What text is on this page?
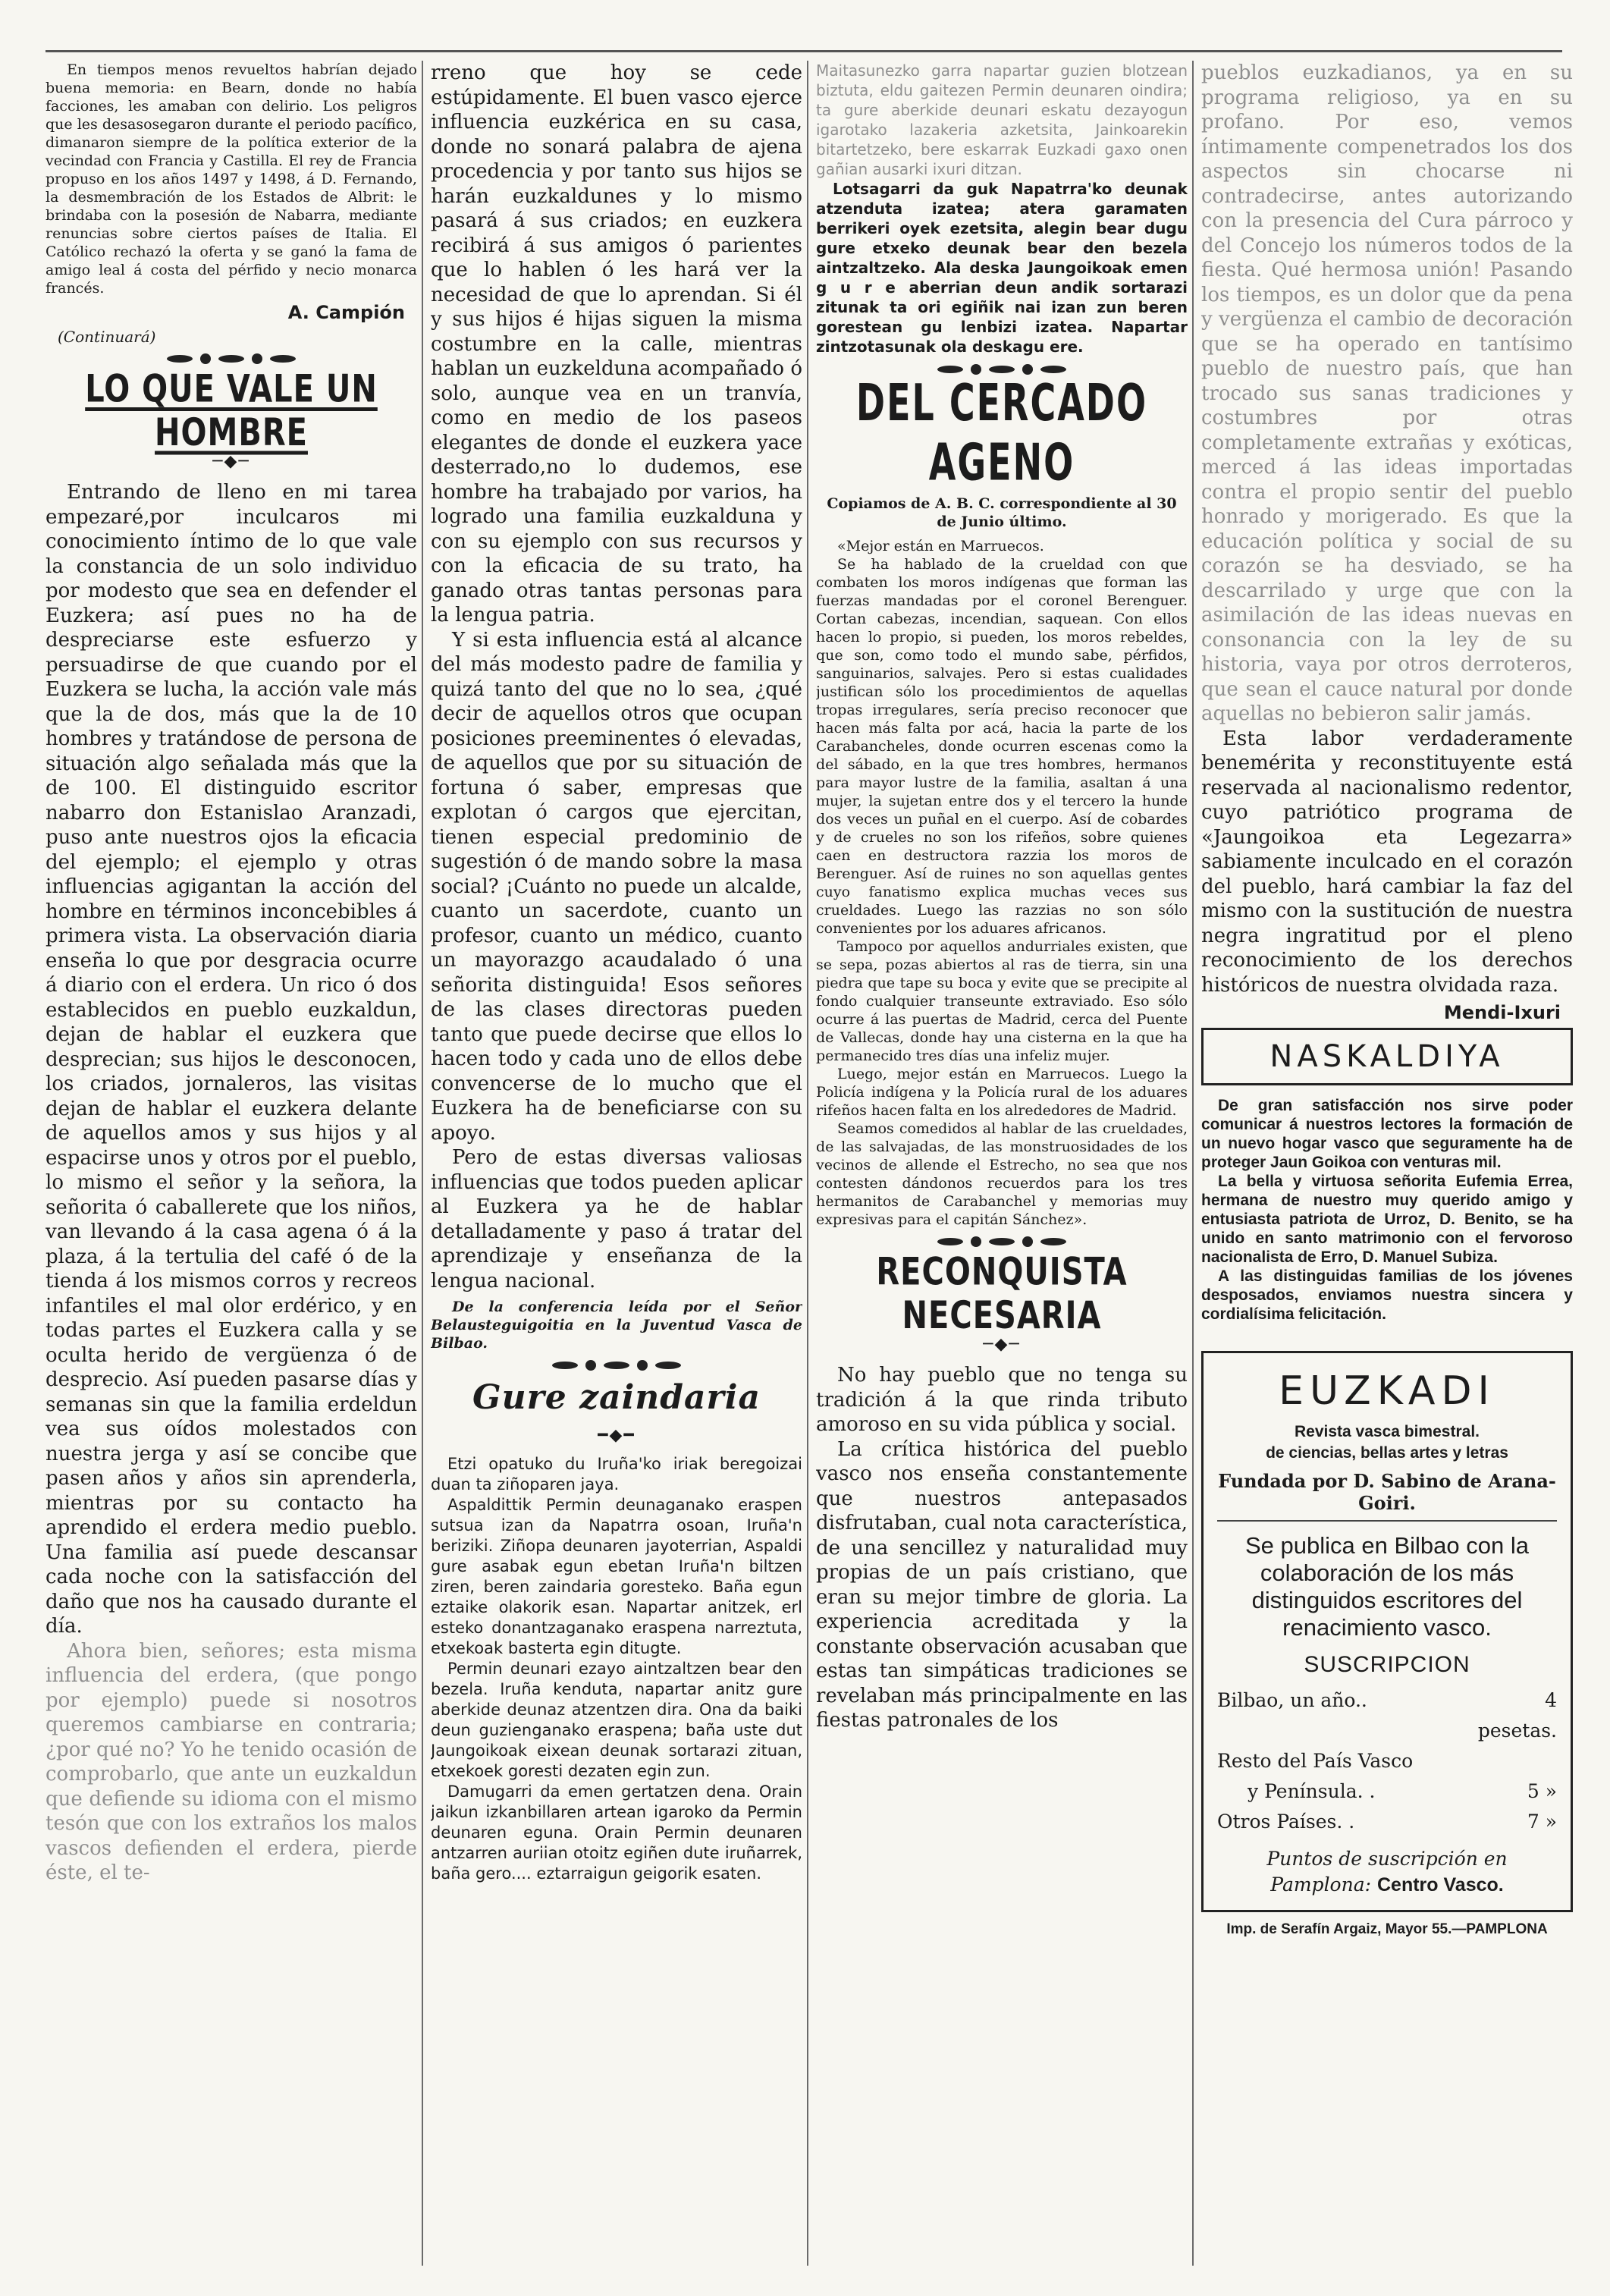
En tiempos menos revueltos habrían dejado buena memoria: en Bearn, donde no había facciones, les amaban con delirio. Los peligros que les desasosegaron durante el periodo pacífico, dimanaron siempre de la política exterior de la vecindad con Francia y Castilla. El rey de Francia propuso en los años 1497 y 1498, á D. Fernando, la desmembración de los Estados de Albrit: le brindaba con la posesión de Nabarra, mediante renuncias sobre ciertos países de Italia. El Católico rechazó la oferta y se ganó la fama de amigo leal á costa del pérfido y necio monarca francés.

A. Campión
(Continuará)
LO QUE VALE UN HOMBRE
─◆─

Entrando de lleno en mi tarea empezaré,por inculcaros mi conocimiento íntimo de lo que vale la constancia de un solo individuo por modesto que sea en defender el Euzkera; así pues no ha de despreciarse este esfuerzo y persuadirse de que cuando por el Euzkera se lucha, la acción vale más que la de dos, más que la de 10 hombres y tratándose de persona de situación algo señalada más que la de 100. El distinguido escritor nabarro don Estanislao Aranzadi, puso ante nuestros ojos la eficacia del ejemplo; el ejemplo y otras influencias agigantan la acción del hombre en términos inconcebibles á primera vista. La observación diaria enseña lo que por desgracia ocurre á diario con el erdera. Un rico ó dos establecidos en pueblo euzkaldun, dejan de hablar el euzkera que desprecian; sus hijos le desconocen, los criados, jornaleros, las visitas dejan de hablar el euzkera delante de aquellos amos y sus hijos y al espacirse unos y otros por el pueblo, lo mismo el señor y la señora, la señorita ó caballerete que los niños, van llevando á la casa agena ó á la plaza, á la tertulia del café ó de la tienda á los mismos corros y recreos infantiles el mal olor erdérico, y en todas partes el Euzkera calla y se oculta herido de vergüenza ó de desprecio. Así pueden pasarse días y semanas sin que la familia erdeldun vea sus oídos molestados con nuestra jerga y así se concibe que pasen años y años sin aprenderla, mientras por su contacto ha aprendido el erdera medio pueblo. Una familia así puede descansar cada noche con la satisfacción del daño que nos ha causado durante el día.

Ahora bien, señores; esta misma influencia del erdera, (que pongo por ejemplo) puede si nosotros queremos cambiarse en contraria; ¿por qué no? Yo he tenido ocasión de comprobarlo, que ante un euzkaldun que defiende su idioma con el mismo tesón que con los extraños los malos vascos defienden el erdera, pierde éste, el te-

rreno que hoy se cede estúpidamente. El buen vasco ejerce influencia euzkérica en su casa, donde no sonará palabra de ajena procedencia y por tanto sus hijos se harán euzkaldunes y lo mismo pasará á sus criados; en euzkera recibirá á sus amigos ó parientes que lo hablen ó les hará ver la necesidad de que lo aprendan. Si él y sus hijos é hijas siguen la misma costumbre en la calle, mientras hablan un euzkelduna acompañado ó solo, aunque vea en un tranvía, como en medio de los paseos elegantes de donde el euzkera yace desterrado,no lo dudemos, ese hombre ha trabajado por varios, ha logrado una familia euzkalduna y con su ejemplo con sus recursos y con la eficacia de su trato, ha ganado otras tantas personas para la lengua patria.

Y si esta influencia está al alcance del más modesto padre de familia y quizá tanto del que no lo sea, ¿qué decir de aquellos otros que ocupan posiciones preeminentes ó elevadas, de aquellos que por su situación de fortuna ó saber, empresas que explotan ó cargos que ejercitan, tienen especial predominio de sugestión ó de mando sobre la masa social? ¡Cuánto no puede un alcalde, cuanto un sacerdote, cuanto un profesor, cuanto un médico, cuanto un mayorazgo acaudalado ó una señorita distinguida! Esos señores de las clases directoras pueden tanto que puede decirse que ellos lo hacen todo y cada uno de ellos debe convencerse de lo mucho que el Euzkera ha de beneficiarse con su apoyo.

Pero de estas diversas valiosas influencias que todos pueden aplicar al Euzkera ya he de hablar detalladamente y paso á tratar del aprendizaje y enseñanza de la lengua nacional.

De la conferencia leída por el Señor Belausteguigoitia en la Juventud Vasca de Bilbao.

Gure zaindaria
━◆━

Etzi opatuko du Iruña'ko iriak beregoizai duan ta ziñoparen jaya.

Aspaldittik Permin deunaganako eraspen sutsua izan da Napatrra osoan, Iruña'n beriziki. Ziñopa deunaren jayoterrian, Aspaldi gure asabak egun ebetan Iruña'n biltzen ziren, beren zaindaria goresteko. Baña egun eztaike olakorik esan. Napartar anitzek, erl esteko donantzaganako eraspena narreztuta, etxekoak basterta egin ditugte.

Permin deunari ezayo aintzaltzen bear den bezela. Iruña kenduta, napartar anitz gure aberkide deunaz atzentzen dira. Ona da baiki deun guzienganako eraspena; baña uste dut Jaungoikoak eixean deunak sortarazi zituan, etxekoek goresti dezaten egin zun.

Damugarri da emen gertatzen dena. Orain jaikun izkanbillaren artean igaroko da Permin deunaren eguna. Orain Permin deunaren antzarren auriian otoitz egiñen dute iruñarrek, baña gero.... eztarraigun geigorik esaten.

Maitasunezko garra napartar guzien blotzean biztuta, eldu gaitezen Permin deunaren oindira; ta gure aberkide deunari eskatu dezayogun igarotako lazakeria azketsita, Jainkoarekin bitartetzeko, bere eskarrak Euzkadi gaxo onen gañian ausarki ixuri ditzan.

Lotsagarri da guk Napatrra'ko deunak atzenduta izatea; atera garamaten berrikeri oyek ezetsita, alegin bear dugu gure etxeko deunak bear den bezela aintzaltzeko. Ala deska Jaungoikoak emen g u r e aberrian deun andik sortarazi zitunak ta ori egiñik nai izan zun beren gorestean gu lenbizi izatea. Napartar zintzotasunak ola deskagu ere.

DEL CERCADO AGENO

Copiamos de A. B. C. correspondiente al 30 de Junio último.

«Mejor están en Marruecos.

Se ha hablado de la crueldad con que combaten los moros indígenas que forman las fuerzas mandadas por el coronel Berenguer. Cortan cabezas, incendian, saquean. Con ellos hacen lo propio, si pueden, los moros rebeldes, que son, como todo el mundo sabe, pérfidos, sanguinarios, salvajes. Pero si estas cualidades justifican sólo los procedimientos de aquellas tropas irregulares, sería preciso reconocer que hacen más falta por acá, hacia la parte de los Carabancheles, donde ocurren escenas como la del sábado, en la que tres hombres, hermanos para mayor lustre de la familia, asaltan á una mujer, la sujetan entre dos y el tercero la hunde dos veces un puñal en el cuerpo. Así de cobardes y de crueles no son los rifeños, sobre quienes caen en destructora razzia los moros de Berenguer. Así de ruines no son aquellas gentes cuyo fanatismo explica muchas veces sus crueldades. Luego las razzias no son sólo convenientes por los aduares africanos.

Tampoco por aquellos andurriales existen, que se sepa, pozas abiertos al ras de tierra, sin una piedra que tape su boca y evite que se precipite al fondo cualquier transeunte extraviado. Eso sólo ocurre á las puertas de Madrid, cerca del Puente de Vallecas, donde hay una cisterna en la que ha permanecido tres días una infeliz mujer.

Luego, mejor están en Marruecos. Luego la Policía indígena y la Policía rural de los aduares rifeños hacen falta en los alrededores de Madrid.

Seamos comedidos al hablar de las crueldades, de las salvajadas, de las monstruosidades de los vecinos de allende el Estrecho, no sea que nos contesten dándonos recuerdos para los tres hermanitos de Carabanchel y memorias muy expresivas para el capitán Sánchez».

RECONQUISTA NECESARIA
─◆─

No hay pueblo que no tenga su tradición á la que rinda tributo amoroso en su vida pública y social.

La crítica histórica del pueblo vasco nos enseña constantemente que nuestros antepasados disfrutaban, cual nota característica, de una sencillez y naturalidad muy propias de un país cristiano, que eran su mejor timbre de gloria. La experiencia acreditada y la constante observación acusaban que estas tan simpáticas tradiciones se revelaban más principalmente en las fiestas patronales de los

pueblos euzkadianos, ya en su programa religioso, ya en su profano. Por eso, vemos íntimamente compenetrados los dos aspectos sin chocarse ni contradecirse, antes autorizando con la presencia del Cura párroco y del Concejo los números todos de la fiesta. Qué hermosa unión! Pasando los tiempos, es un dolor que da pena y vergüenza el cambio de decoración que se ha operado en tantísimo pueblo de nuestro país, que han trocado sus sanas tradiciones y costumbres por otras completamente extrañas y exóticas, merced á las ideas importadas contra el propio sentir del pueblo honrado y morigerado. Es que la educación política y social de su corazón se ha desviado, se ha descarrilado y urge que con la asimilación de las ideas nuevas en consonancia con la ley de su historia, vaya por otros derroteros, que sean el cauce natural por donde aquellas no bebieron salir jamás.

Esta labor verdaderamente benemérita y reconstituyente está reservada al nacionalismo redentor, cuyo patriótico programa de «Jaungoikoa eta Legezarra» sabiamente inculcado en el corazón del pueblo, hará cambiar la faz del mismo con la sustitución de nuestra negra ingratitud por el pleno reconocimiento de los derechos históricos de nuestra olvidada raza.

Mendi-Ixuri
NASKALDIYA

De gran satisfacción nos sirve poder comunicar á nuestros lectores la formación de un nuevo hogar vasco que seguramente ha de proteger Jaun Goikoa con venturas mil.

La bella y virtuosa señorita Eufemia Errea, hermana de nuestro muy querido amigo y entusiasta patriota de Urroz, D. Benito, se ha unido en santo matrimonio con el fervoroso nacionalista de Erro, D. Manuel Subiza.

A las distinguidas familias de los jóvenes desposados, enviamos nuestra sincera y cordialísima felicitación.

EUZKADI
Revista vasca bimestral.
de ciencias, bellas artes y letras
Fundada por D. Sabino de Arana-Goiri.
Se publica en Bilbao con la colaboración de los más distinguidos escritores del renacimiento vasco.
SUSCRIPCION
Bilbao, un año..	4 pesetas.
Resto del País Vasco
y Península. .	5 »
Otros Países. .	7 »
Puntos de suscripción en
Pamplona: Centro Vasco.
Imp. de Serafín Argaiz, Mayor 55.—PAMPLONA
